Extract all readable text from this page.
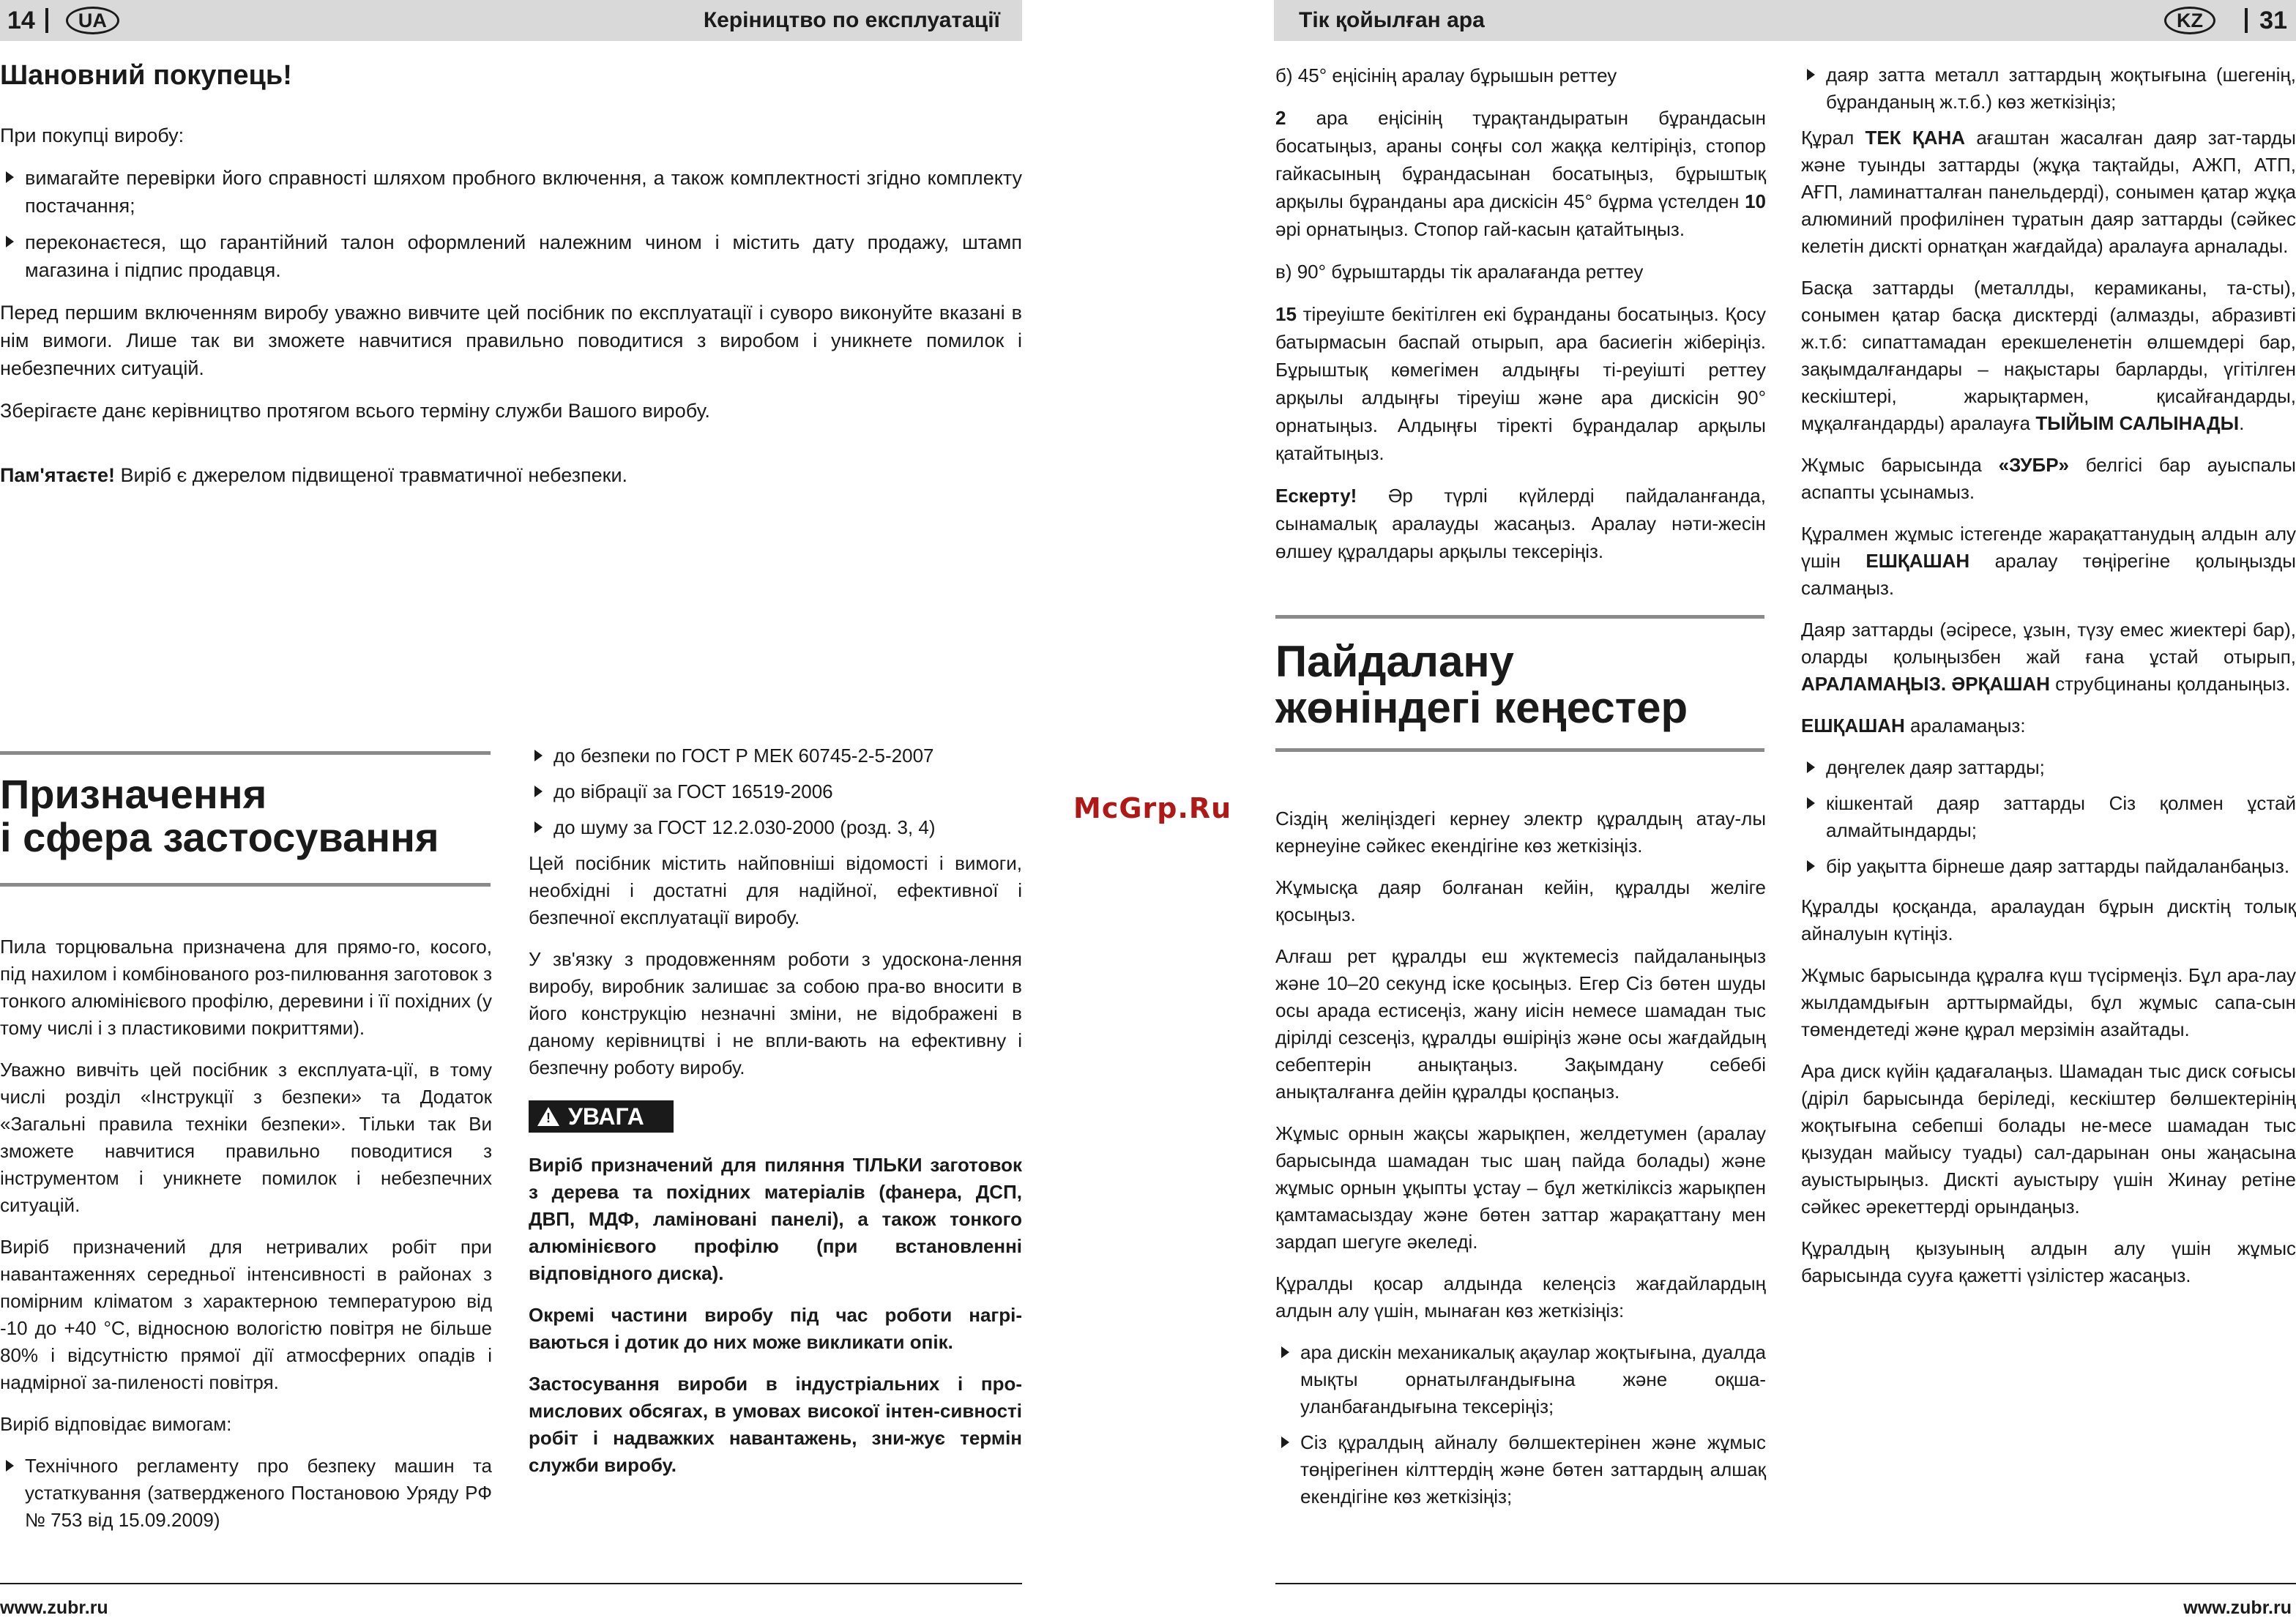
14	UA	Керіництво по експлуатації
Шановний покупець!

При покупці виробу:

вимагайте перевірки його справності шляхом пробного включення, а також комплектності згідно комплекту постачання;
переконаєтеся, що гарантійний талон оформлений належним чином і містить дату продажу, штамп магазина і підпис продавця.

Перед першим включенням виробу уважно вивчите цей посібник по експлуатації і суворо виконуйте вказані в нім вимоги. Лише так ви зможете навчитися правильно поводитися з виробом і уникнете помилок і небезпечних ситуацій.

Зберігаєте данє керівництво протягом всього терміну служби Вашого виробу.

Пам'ятаєте! Виріб є джерелом підвищеної травматичної небезпеки.

Призначення
і сфера застосування

Пила торцювальна призначена для прямо-го, косого, під нахилом і комбінованого роз-пилювання заготовок з тонкого алюмінієвого профілю, деревини і її похідних (у тому числі і з пластиковими покриттями).

Уважно вивчіть цей посібник з експлуата-ції, в тому числі розділ «Інструкції з безпеки» та Додаток «Загальні правила техніки безпеки». Тільки так Ви зможете навчитися правильно поводитися з інструментом і уникнете помилок і небезпечних ситуацій.

Виріб призначений для нетривалих робіт при навантаженнях середньої інтенсивності в районах з помірним кліматом з характерною температурою від -10 до +40 °С, відносною вологістю повітря не більше 80% і відсутністю прямої дії атмосферних опадів і надмірної за-пиленості повітря.

Виріб відповідає вимогам:

Технічного регламенту про безпеку машин та устаткування (затвердженого Постановою Уряду РФ № 753 від 15.09.2009)
до безпеки по ГОСТ Р МЕК 60745-2-5-2007
до вібрації за ГОСТ 16519-2006
до шуму за ГОСТ 12.2.030-2000 (розд. 3, 4)

Цей посібник містить найповніші відомості і вимоги, необхідні і достатні для надійної, ефективної і безпечної експлуатації виробу.

У зв'язку з продовженням роботи з удоскона-лення виробу, виробник залишає за собою пра-во вносити в його конструкцію незначні зміни, не відображені в даному керівництві і не впли-вають на ефективну і безпечну роботу виробу.

! УВАГА

Виріб призначений для пиляння ТІЛЬКИ заготовок з дерева та похідних матеріалів (фанера, ДСП, ДВП, МДФ, ламіновані панелі), а також тонкого алюмінієвого профілю (при встановленні відповідного диска).

Окремі частини виробу під час роботи нагрі-ваються і дотик до них може викликати опік.

Застосування вироби в індустріальних і про-мислових обсягах, в умовах високої інтен-сивності робіт і надважких навантажень, зни-жує термін служби виробу.

www.zubr.ru
McGrp.Ru
Тік қойылған ара	KZ	31

б) 45° еңісінің аралау бұрышын реттеу

2 ара еңісінің тұрақтандыратын бұрандасын босатыңыз, араны соңғы сол жаққа келтіріңіз, стопор гайкасының бұрандасынан босатыңыз, бұрыштық арқылы бұранданы ара дискісін 45° бұрма үстелден 10 әрі орнатыңыз. Стопор гай-касын қатайтыңыз.

в) 90° бұрыштарды тік аралағанда реттеу

15 тіреуіште бекітілген екі бұранданы босатыңыз. Қосу батырмасын баспай отырып, ара басиегін жіберіңіз. Бұрыштық көмегімен алдыңғы ті-реуішті реттеу арқылы алдыңғы тіреуіш және ара дискісін 90° орнатыңыз. Алдыңғы тіректі бұрандалар арқылы қатайтыңыз.

Ескерту! Әр түрлі күйлерді пайдаланғанда, сынамалық аралауды жасаңыз. Аралау нәти-жесін өлшеу құралдары арқылы тексеріңіз.

Пайдалану
жөніндегі кеңестер

Сіздің желіңіздегі кернеу электр құралдың атау-лы кернеуіне сәйкес екендігіне көз жеткізіңіз.

Жұмысқа даяр болғанан кейін, құралды желіге қосыңыз.

Алғаш рет құралды еш жүктемесіз пайдаланыңыз және 10–20 секунд іске қосыңыз. Егер Сіз бөтен шуды осы арада естисеңіз, жану иісін немесе шамадан тыс дірілді сезсеңіз, құралды өшіріңіз және осы жағдайдың себептерін анықтаңыз. Зақымдану себебі анықталғанға дейін құралды қоспаңыз.

Жұмыс орнын жақсы жарықпен, желдетумен (аралау барысында шамадан тыс шаң пайда болады) және жұмыс орнын ұқыпты ұстау – бұл жеткіліксіз жарықпен қамтамасыздау және бөтен заттар жарақаттану мен зардап шегуге әкеледі.

Құралды қосар алдында келеңсіз жағдайлардың алдын алу үшін, мынаған көз жеткізіңіз:

ара дискін механикалық ақаулар жоқтығына, дуалда мықты орнатылғандығына және оқша-уланбағандығына тексеріңіз;
Сіз құралдың айналу бөлшектерінен және жұмыс төңірегінен кілттердің және бөтен заттардың алшақ екендігіне көз жеткізіңіз;
даяр затта металл заттардың жоқтығына (шегенің, бұранданың ж.т.б.) көз жеткізіңіз;

Құрал ТЕК ҚАНА ағаштан жасалған даяр зат-тарды және туынды заттарды (жұқа тақтайды, АЖП, АТП, АҒП, ламинатталған панельдерді), сонымен қатар жұқа алюминий профилінен тұратын даяр заттарды (сәйкес келетін дискті орнатқан жағдайда) аралауға арналады.

Басқа заттарды (металлды, керамиканы, та-сты), сонымен қатар басқа дисктерді (алмазды, абразивті ж.т.б: сипаттамадан ерекшеленетін өлшемдері бар, зақымдалғандары – нақыстары барларды, үгітілген кескіштері, жарықтармен, қисайғандарды, мұқалғандарды) аралауға ТЫЙЫМ САЛЫНАДЫ.

Жұмыс барысында «ЗУБР» белгісі бар ауыспалы аспапты ұсынамыз.

Құралмен жұмыс істегенде жарақаттанудың алдын алу үшін ЕШҚАШАН аралау төңірегіне қолыңызды салмаңыз.

Даяр заттарды (әсіресе, ұзын, түзу емес жиектері бар), оларды қолыңызбен жай ғана ұстай отырып, АРАЛАМАҢЫЗ. ӘРҚАШАН струбцинаны қолданыңыз.

ЕШҚАШАН араламаңыз:

дөңгелек даяр заттарды;
кішкентай даяр заттарды Сіз қолмен ұстай алмайтындарды;
бір уақытта бірнеше даяр заттарды пайдаланбаңыз.

Құралды қосқанда, аралаудан бұрын дисктің толық айналуын күтіңіз.

Жұмыс барысында құралға күш түсірмеңіз. Бұл ара-лау жылдамдығын арттырмайды, бұл жұмыс сапа-сын төмендетеді және құрал мерзімін азайтады.

Ара диск күйін қадағалаңыз. Шамадан тыс диск соғысы (діріл барысында беріледі, кескіштер бөлшектерінің жоқтығына себепші болады не-месе шамадан тыс қызудан майысу туады) сал-дарынан оны жаңасына ауыстырыңыз. Дискті ауыстыру үшін Жинау ретіне сәйкес әрекеттерді орындаңыз.

Құралдың қызуының алдын алу үшін жұмыс барысында сууға қажетті үзілістер жасаңыз.

www.zubr.ru
